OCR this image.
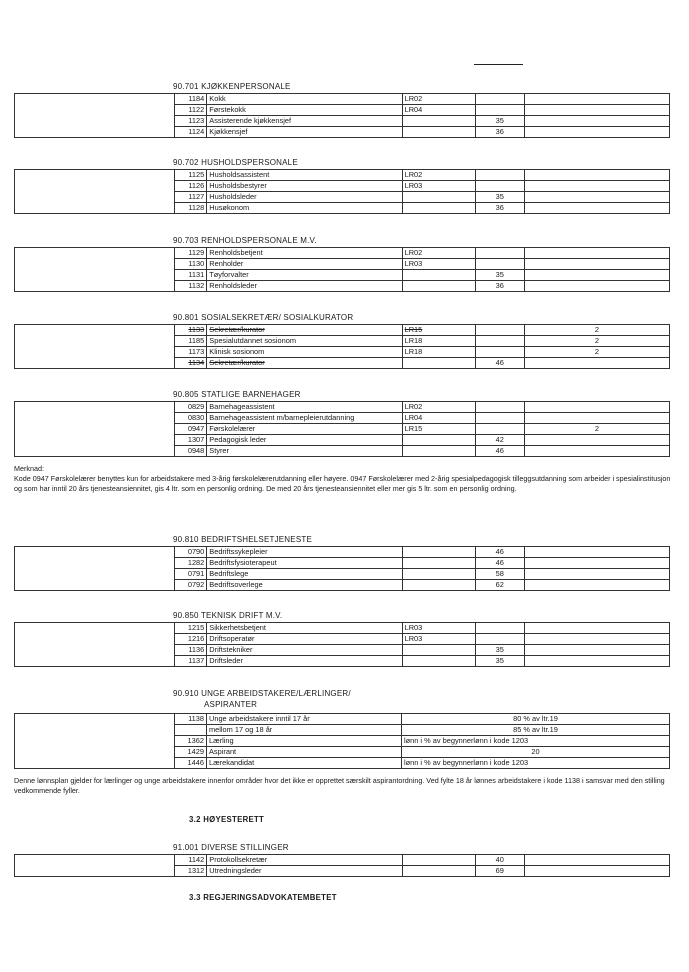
90.701 KJØKKENPERSONALE
	1184	Kokk	LR02		
	1122	Førstekokk	LR04		
	1123	Assisterende kjøkkensjef		35	
	1124	Kjøkkensjef		36	
90.702 HUSHOLDSPERSONALE
	1125	Husholdsassistent	LR02		
	1126	Husholdsbestyrer	LR03		
	1127	Husholdsleder		35	
	1128	Husøkonom		36	
90.703 RENHOLDSPERSONALE M.V.
	1129	Renholdsbetjent	LR02		
	1130	Renholder	LR03		
	1131	Tøyforvalter		35	
	1132	Renholdsleder		36	
90.801 SOSIALSEKRETÆR/ SOSIALKURATOR
	1133	Sekretær/kurator	LR15		2
	1185	Spesialutdannet sosionom	LR18		2
	1173	Klinisk sosionom	LR18		2
	1134	Sekretær/kurator		46	
90.805 STATLIGE BARNEHAGER
	0829	Barnehageassistent	LR02		
	0830	Barnehageassistent m/barnepleierutdanning	LR04		
	0947	Førskolelærer	LR15		2
	1307	Pedagogisk leder		42	
	0948	Styrer		46	
Merknad:
Kode 0947 Førskolelærer benyttes kun for arbeidstakere med 3-årig førskolelærerutdanning eller høyere. 0947 Førskolelærer med 2-årig spesialpedagogisk tilleggsutdanning som arbeider i spesialinstitusjon og som har inntil 20 års tjenesteansiennitet, gis 4 ltr. som en personlig ordning. De med 20 års tjenesteansiennitet eller mer gis 5 ltr. som en personlig ordning.
90.810 BEDRIFTSHELSETJENESTE
	0790	Bedriftssykepleier		46	
	1282	Bedriftsfysioterapeut		46	
	0791	Bedriftslege		58	
	0792	Bedriftsoverlege		62	
90.850 TEKNISK DRIFT M.V.
	1215	Sikkerhetsbetjent	LR03		
	1216	Driftsoperatør	LR03		
	1136	Driftstekniker		35	
	1137	Driftsleder		35	
90.910 UNGE ARBEIDSTAKERE/LÆRLINGER/
ASPIRANTER
	1138	Unge arbeidstakere inntil 17 år	80 % av ltr.19
		mellom 17 og 18 år	85 % av ltr.19
	1362	Lærling	lønn i % av begynnerlønn i kode 1203
	1429	Aspirant	20
	1446	Lærekandidat	lønn i % av begynnerlønn i kode 1203
Denne lønnsplan gjelder for lærlinger og unge arbeidstakere innenfor områder hvor det ikke er opprettet særskilt aspirantordning. Ved fylte 18 år lønnes arbeidstakere i kode 1138 i samsvar med den stilling vedkommende fyller.
3.2 HØYESTERETT
91.001 DIVERSE STILLINGER
	1142	Protokollsekretær		40	
	1312	Utredningsleder		69	
3.3 REGJERINGSADVOKATEMBETET
